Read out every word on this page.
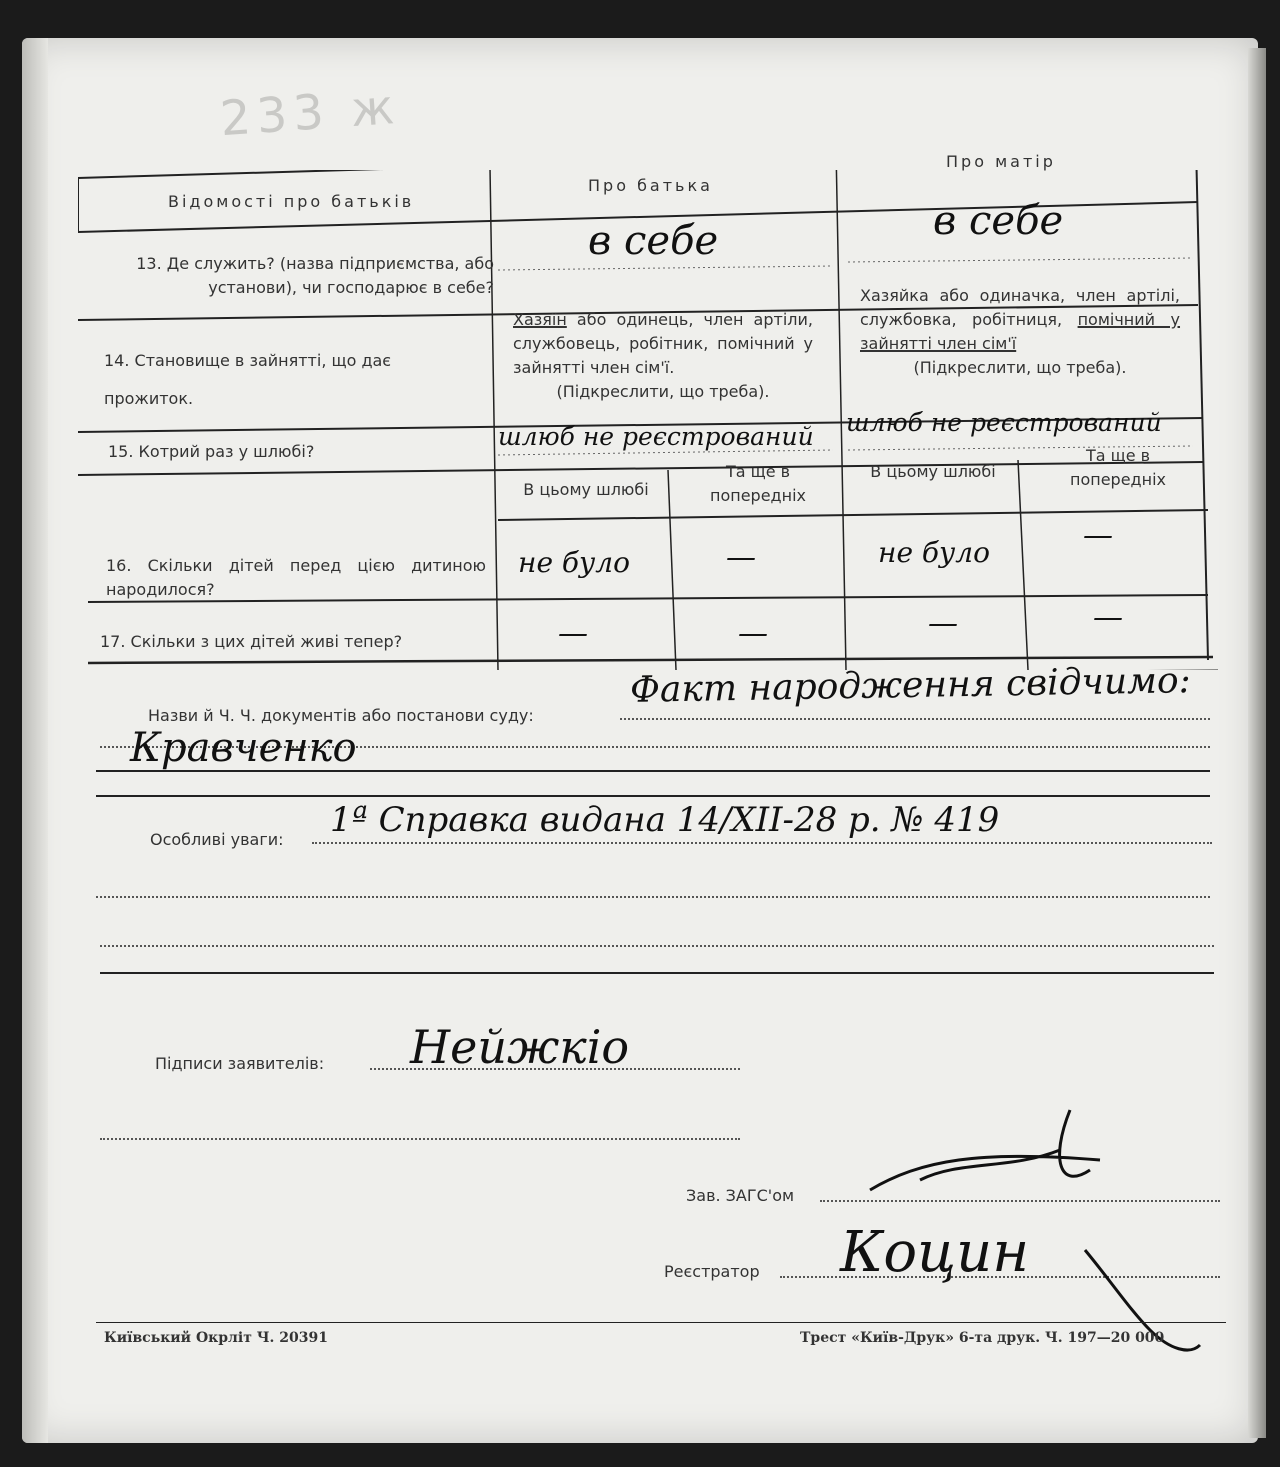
233 ж
Відомості про батьків
Про батька
Про матір
13. Де служить? (назва підприємства, або установи), чи господарює в себе?
в себе	в себе
14. Становище в зайнятті, що дає прожиток.
Хазяїн або одинець, член артіли, службовець, робітник, помічний у зайнятті член сім'ї.
(Підкреслити, що треба).
Хазяйка або одиначка, член артілі, службовка, робітниця, помічний у зайнятті член сім'ї
(Підкреслити, що треба).
15. Котрий раз у шлюбі?
шлюб не реєстрований шлюб не реєстрований
В цьому шлюбі
Та ще в попередніх
В цьому шлюбі
Та ще в попередніх
16. Скільки дітей перед цією дитиною народилося?
не було	—	не було	—
17. Скільки з цих дітей живі тепер?	—	—	—	—
Назви й Ч. Ч. документів або постанови суду:
Факт народження свідчимо:
Кравченко
Особливі уваги: 1ª Справка видана 14/XII-28 р. № 419
Підписи заявителів: Нейжкіо
Зав. ЗАГС'ом
Реєстратор Коцин
Київський Окрліт Ч. 20391	Трест «Київ-Друк» 6-та друк. Ч. 197—20 000
